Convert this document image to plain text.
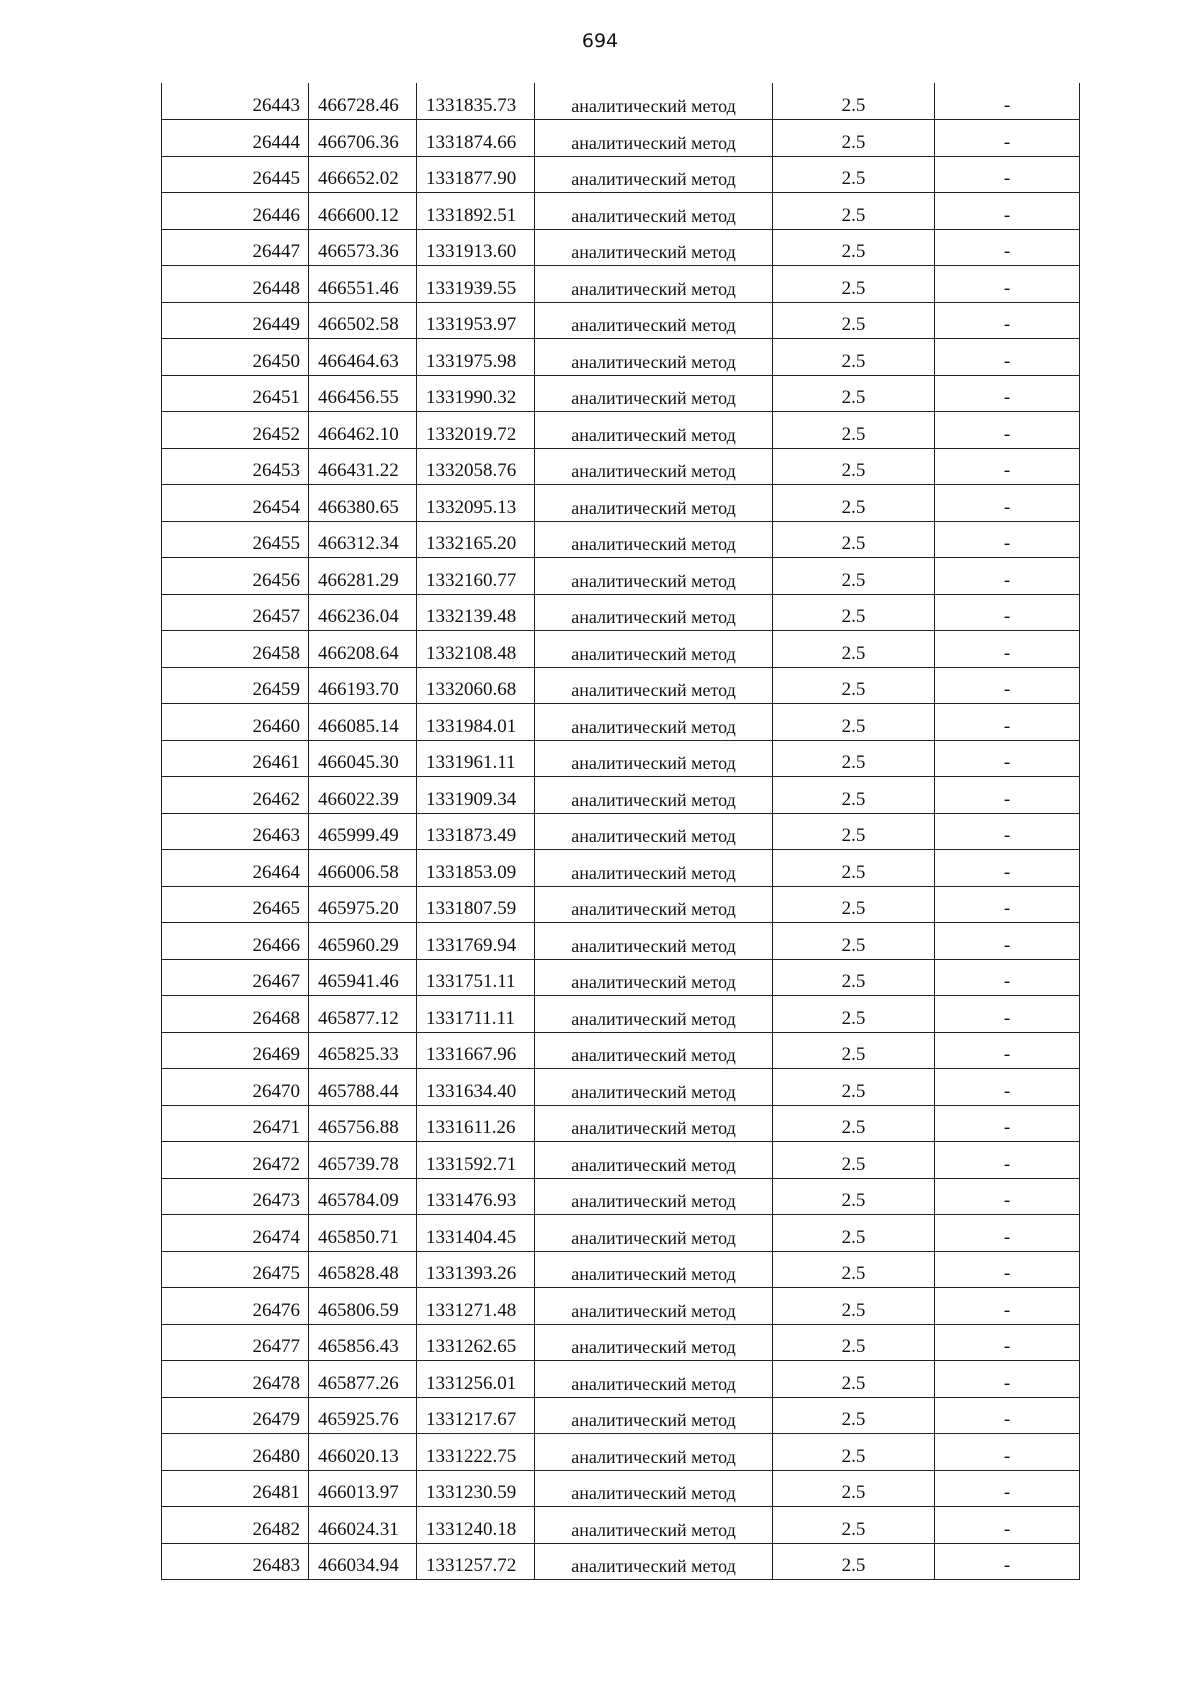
694
26443	466728.46	1331835.73	аналитический метод	2.5	-
26444	466706.36	1331874.66	аналитический метод	2.5	-
26445	466652.02	1331877.90	аналитический метод	2.5	-
26446	466600.12	1331892.51	аналитический метод	2.5	-
26447	466573.36	1331913.60	аналитический метод	2.5	-
26448	466551.46	1331939.55	аналитический метод	2.5	-
26449	466502.58	1331953.97	аналитический метод	2.5	-
26450	466464.63	1331975.98	аналитический метод	2.5	-
26451	466456.55	1331990.32	аналитический метод	2.5	-
26452	466462.10	1332019.72	аналитический метод	2.5	-
26453	466431.22	1332058.76	аналитический метод	2.5	-
26454	466380.65	1332095.13	аналитический метод	2.5	-
26455	466312.34	1332165.20	аналитический метод	2.5	-
26456	466281.29	1332160.77	аналитический метод	2.5	-
26457	466236.04	1332139.48	аналитический метод	2.5	-
26458	466208.64	1332108.48	аналитический метод	2.5	-
26459	466193.70	1332060.68	аналитический метод	2.5	-
26460	466085.14	1331984.01	аналитический метод	2.5	-
26461	466045.30	1331961.11	аналитический метод	2.5	-
26462	466022.39	1331909.34	аналитический метод	2.5	-
26463	465999.49	1331873.49	аналитический метод	2.5	-
26464	466006.58	1331853.09	аналитический метод	2.5	-
26465	465975.20	1331807.59	аналитический метод	2.5	-
26466	465960.29	1331769.94	аналитический метод	2.5	-
26467	465941.46	1331751.11	аналитический метод	2.5	-
26468	465877.12	1331711.11	аналитический метод	2.5	-
26469	465825.33	1331667.96	аналитический метод	2.5	-
26470	465788.44	1331634.40	аналитический метод	2.5	-
26471	465756.88	1331611.26	аналитический метод	2.5	-
26472	465739.78	1331592.71	аналитический метод	2.5	-
26473	465784.09	1331476.93	аналитический метод	2.5	-
26474	465850.71	1331404.45	аналитический метод	2.5	-
26475	465828.48	1331393.26	аналитический метод	2.5	-
26476	465806.59	1331271.48	аналитический метод	2.5	-
26477	465856.43	1331262.65	аналитический метод	2.5	-
26478	465877.26	1331256.01	аналитический метод	2.5	-
26479	465925.76	1331217.67	аналитический метод	2.5	-
26480	466020.13	1331222.75	аналитический метод	2.5	-
26481	466013.97	1331230.59	аналитический метод	2.5	-
26482	466024.31	1331240.18	аналитический метод	2.5	-
26483	466034.94	1331257.72	аналитический метод	2.5	-
